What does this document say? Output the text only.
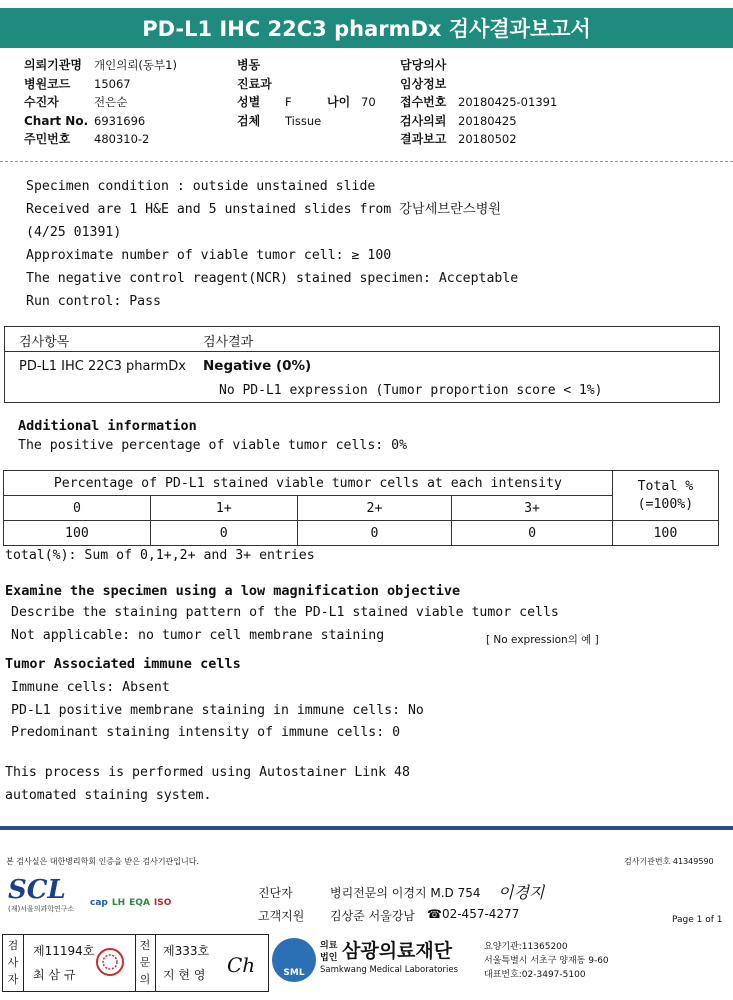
PD-L1 IHC 22C3 pharmDx 검사결과보고서
의뢰기관명 개인의뢰(동부1)
병원코드 15067
수진자	전은순
Chart No. 6931696
주민번호 480310-2
병동
진료과
성별 F	나이 70
검체 Tissue
담당의사
임상정보
접수번호 20180425-01391
검사의뢰 20180425
결과보고 20180502
Specimen condition : outside unstained slide
Received are 1 H&E and 5 unstained slides from 강남세브란스병원
(4/25 01391)
Approximate number of viable tumor cell: ≥ 100
The negative control reagent(NCR) stained specimen: Acceptable
Run control: Pass
검사항목	검사결과
PD-L1 IHC 22C3 pharmDx Negative (0%)
No PD-L1 expression (Tumor proportion score < 1%)
Additional information
The positive percentage of viable tumor cells: 0%
Percentage of PD-L1 stained viable tumor cells at each intensity				Total %
(=100%)

0	1+	2+	3+	
100	0	0	0	100
total(%): Sum of 0,1+,2+ and 3+ entries
Examine the specimen using a low magnification objective
Describe the staining pattern of the PD-L1 stained viable tumor cells
Not applicable: no tumor cell membrane staining	[ No expression의 예 ]
Tumor Associated immune cells
Immune cells: Absent
PD-L1 positive membrane staining in immune cells: No
Predominant staining intensity of immune cells: 0
This process is performed using Autostainer Link 48
automated staining system.
본 검사실은 대한병리학회 인증을 받은 검사기관입니다.	검사기관번호 41349590
SCL
(재)서울의과학연구소
cap LH EQA ISO
진단자	병리전문의 이경지 M.D 754 이경지
고객지원 김상준 서울강남 ☎02-457-4277	Page 1 of 1
검사자
제11194호
최 삼 규
전문의
제333호
지 현 영 Ch	SML
의료
법인 삼광의료재단
Samkwang Medical Laboratories
요양기관:11365200
서울특별시 서초구 양재동 9-60
대표번호:02-3497-5100
